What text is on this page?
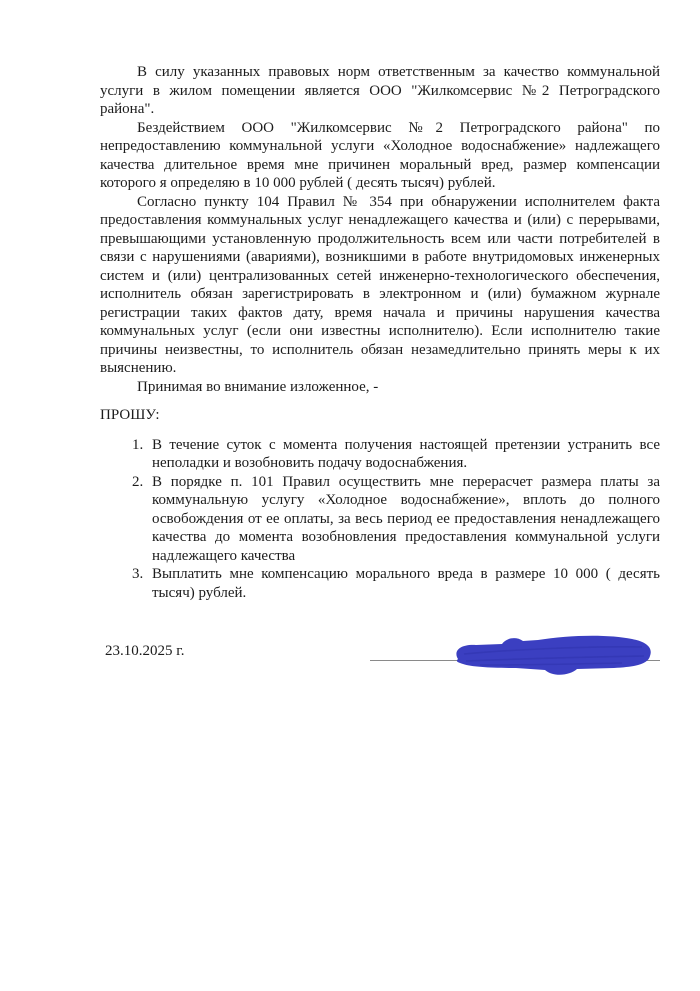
В силу указанных правовых норм ответственным за качество коммунальной услуги в жилом помещении является ООО "Жилкомсервис №2 Петроградского района".

Бездействием ООО "Жилкомсервис №2 Петроградского района" по непредоставлению коммунальной услуги «Холодное водоснабжение» надлежащего качества длительное время мне причинен моральный вред, размер компенсации которого я определяю в 10 000 рублей ( десять тысяч) рублей.

Согласно пункту 104 Правил № 354 при обнаружении исполнителем факта предоставления коммунальных услуг ненадлежащего качества и (или) с перерывами, превышающими установленную продолжительность всем или части потребителей в связи с нарушениями (авариями), возникшими в работе внутридомовых инженерных систем и (или) централизованных сетей инженерно-технологического обеспечения, исполнитель обязан зарегистрировать в электронном и (или) бумажном журнале регистрации таких фактов дату, время начала и причины нарушения качества коммунальных услуг (если они известны исполнителю). Если исполнителю такие причины неизвестны, то исполнитель обязан незамедлительно принять меры к их выяснению.

Принимая во внимание изложенное, -

ПРОШУ:

1. В течение суток с момента получения настоящей претензии устранить все неполадки и возобновить подачу водоснабжения.
2. В порядке п. 101 Правил осуществить мне перерасчет размера платы за коммунальную услугу «Холодное водоснабжение», вплоть до полного освобождения от ее оплаты, за весь период ее предоставления ненадлежащего качества до момента возобновления предоставления коммунальной услуги надлежащего качества
3. Выплатить мне компенсацию морального вреда в размере 10 000 ( десять тысяч) рублей.
23.10.2025 г.
